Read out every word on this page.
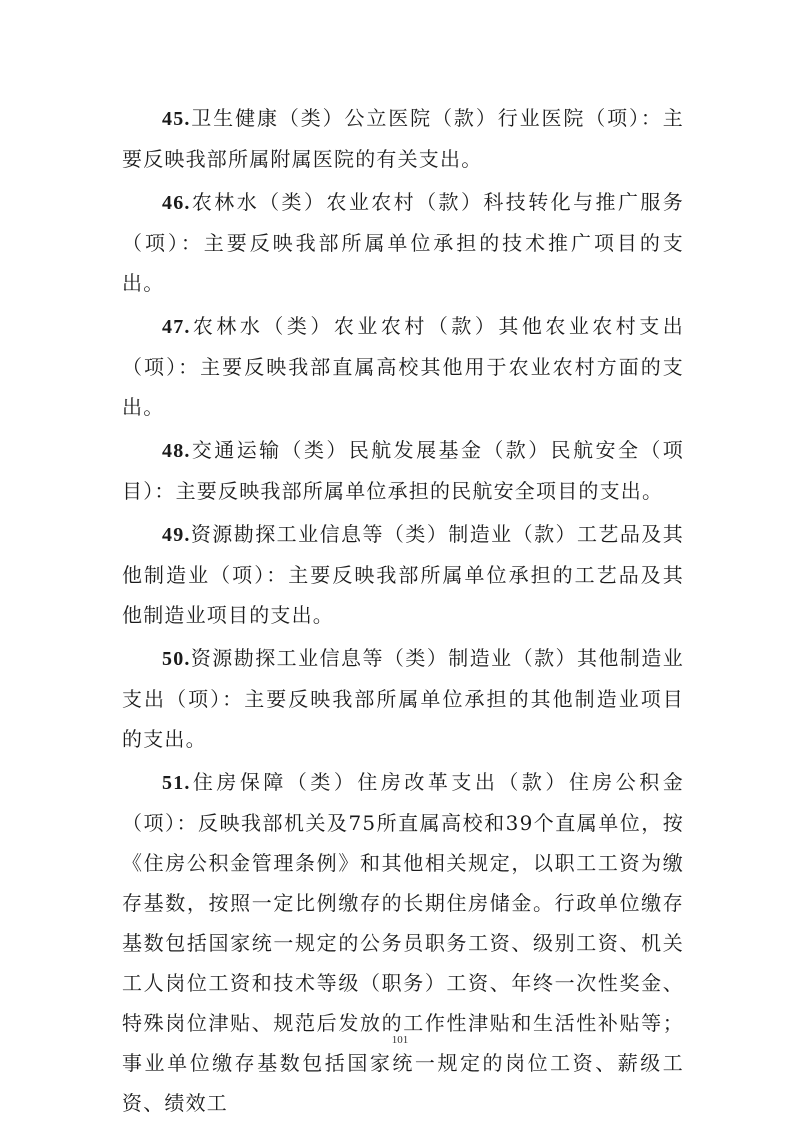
45.卫生健康（类）公立医院（款）行业医院（项）：主要反映我部所属附属医院的有关支出。

46.农林水（类）农业农村（款）科技转化与推广服务（项）：主要反映我部所属单位承担的技术推广项目的支出。

47.农林水（类）农业农村（款）其他农业农村支出（项）：主要反映我部直属高校其他用于农业农村方面的支出。

48.交通运输（类）民航发展基金（款）民航安全（项目）：主要反映我部所属单位承担的民航安全项目的支出。

49.资源勘探工业信息等（类）制造业（款）工艺品及其他制造业（项）：主要反映我部所属单位承担的工艺品及其他制造业项目的支出。

50.资源勘探工业信息等（类）制造业（款）其他制造业支出（项）：主要反映我部所属单位承担的其他制造业项目的支出。

51.住房保障（类）住房改革支出（款）住房公积金（项）：反映我部机关及75所直属高校和39个直属单位，按《住房公积金管理条例》和其他相关规定，以职工工资为缴存基数，按照一定比例缴存的长期住房储金。行政单位缴存基数包括国家统一规定的公务员职务工资、级别工资、机关工人岗位工资和技术等级（职务）工资、年终一次性奖金、特殊岗位津贴、规范后发放的工作性津贴和生活性补贴等；事业单位缴存基数包括国家统一规定的岗位工资、薪级工资、绩效工

101
